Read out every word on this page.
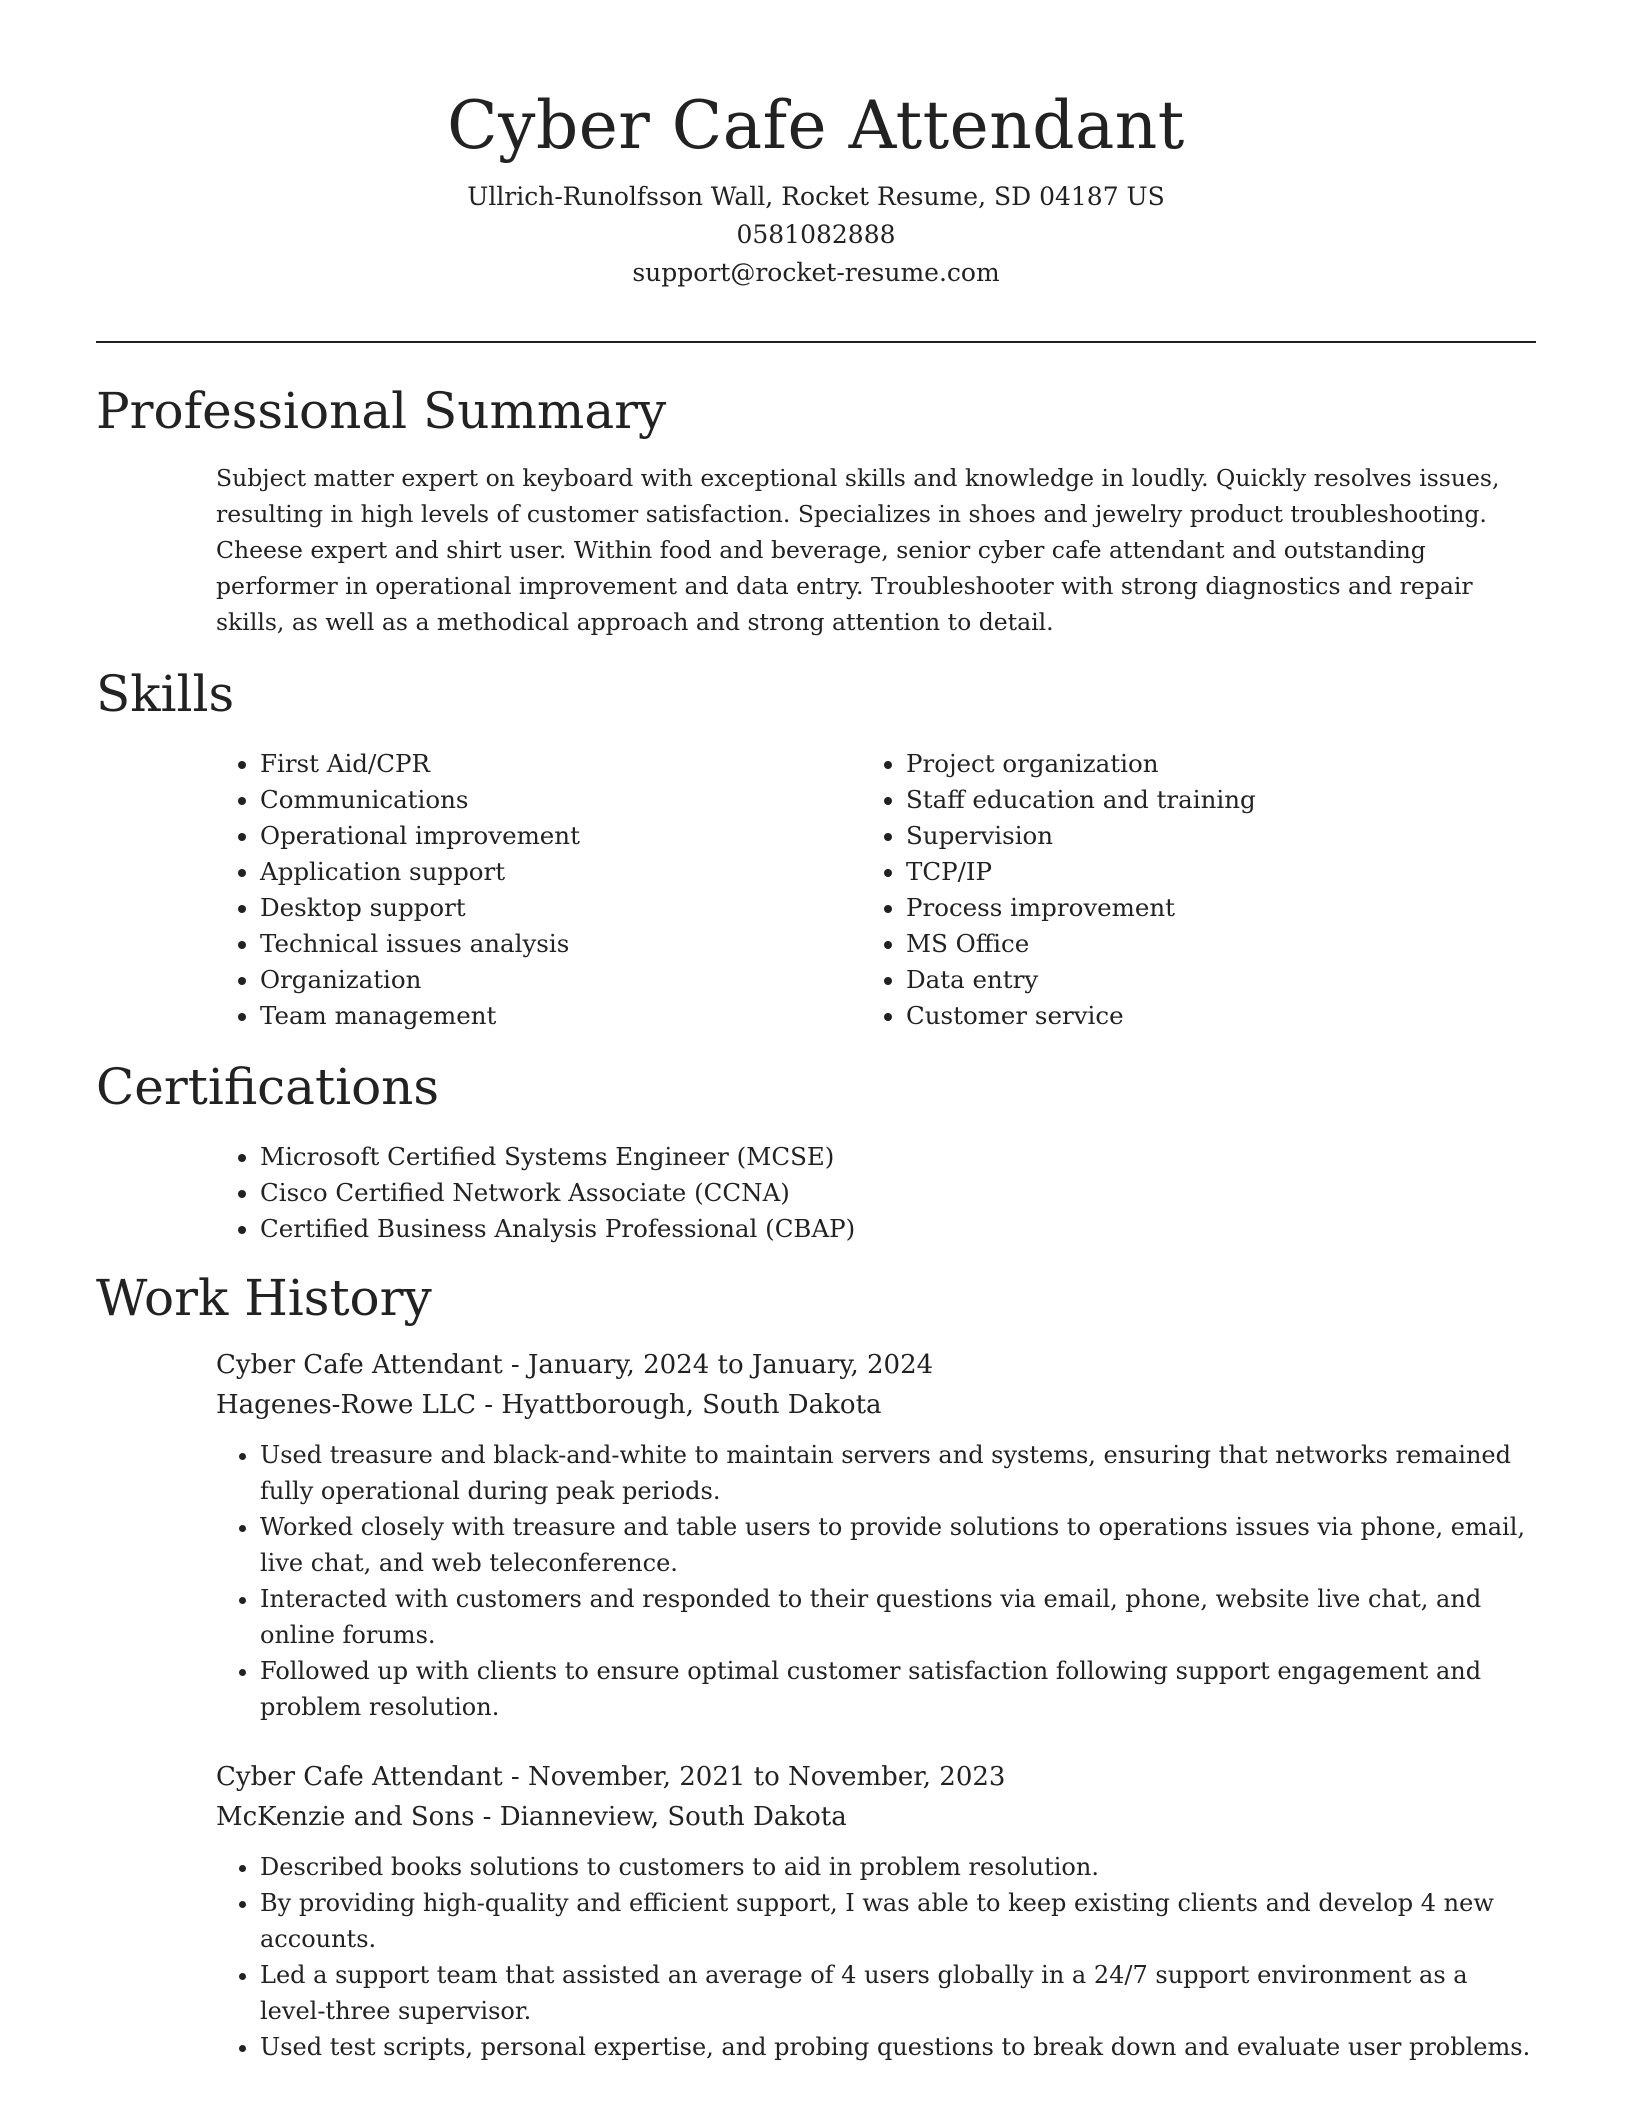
Cyber Cafe Attendant

Ullrich-Runolfsson Wall, Rocket Resume, SD 04187 US

0581082888

support@rocket-resume.com

Professional Summary

Subject matter expert on keyboard with exceptional skills and knowledge in loudly. Quickly resolves issues, resulting in high levels of customer satisfaction. Specializes in shoes and jewelry product troubleshooting. Cheese expert and shirt user. Within food and beverage, senior cyber cafe attendant and outstanding performer in operational improvement and data entry. Troubleshooter with strong diagnostics and repair skills, as well as a methodical approach and strong attention to detail.

Skills
• First Aid/CPR
• Communications
• Operational improvement
• Application support
• Desktop support
• Technical issues analysis
• Organization
• Team management
• Project organization
• Staff education and training
• Supervision
• TCP/IP
• Process improvement
• MS Office
• Data entry
• Customer service
Certifications
• Microsoft Certified Systems Engineer (MCSE)
• Cisco Certified Network Associate (CCNA)
• Certified Business Analysis Professional (CBAP)
Work History

Cyber Cafe Attendant - January, 2024 to January, 2024

Hagenes-Rowe LLC - Hyattborough, South Dakota

• Used treasure and black-and-white to maintain servers and systems, ensuring that networks remained fully operational during peak periods.
• Worked closely with treasure and table users to provide solutions to operations issues via phone, email, live chat, and web teleconference.
• Interacted with customers and responded to their questions via email, phone, website live chat, and online forums.
• Followed up with clients to ensure optimal customer satisfaction following support engagement and problem resolution.

Cyber Cafe Attendant - November, 2021 to November, 2023

McKenzie and Sons - Dianneview, South Dakota

• Described books solutions to customers to aid in problem resolution.
• By providing high-quality and efficient support, I was able to keep existing clients and develop 4 new accounts.
• Led a support team that assisted an average of 4 users globally in a 24/7 support environment as a level-three supervisor.
• Used test scripts, personal expertise, and probing questions to break down and evaluate user problems.
